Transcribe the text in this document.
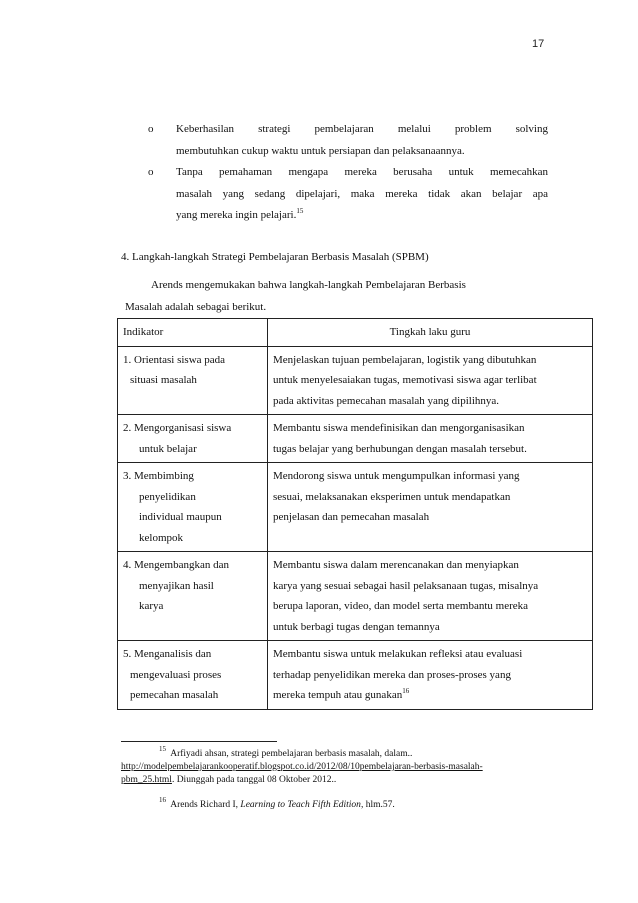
17
o	Keberhasilan strategi pembelajaran melalui problem solving
membutuhkan cukup waktu untuk persiapan dan pelaksanaannya.
o	Tanpa pemahaman mengapa mereka berusaha untuk memecahkan
masalah yang sedang dipelajari, maka mereka tidak akan belajar apa
yang mereka ingin pelajari.$^{15}$
4. Langkah-langkah Strategi Pembelajaran Berbasis Masalah (SPBM)
Arends mengemukakan bahwa langkah-langkah Pembelajaran Berbasis
Masalah adalah sebagai berikut.
Indikator	Tingkah laku guru

1. Orientasi siswa pada
situasi masalah	Menjelaskan tujuan pembelajaran, logistik yang dibutuhkan
untuk menyelesaiakan tugas, memotivasi siswa agar terlibat
pada aktivitas pemecahan masalah yang dipilihnya.

2. Mengorganisasi siswa
untuk belajar	Membantu siswa mendefinisikan dan mengorganisasikan
tugas belajar yang berhubungan dengan masalah tersebut.

3. Membimbing
penyelidikan
individual maupun
kelompok	Mendorong siswa untuk mengumpulkan informasi yang
sesuai, melaksanakan eksperimen untuk mendapatkan
penjelasan dan pemecahan masalah

4. Mengembangkan dan
menyajikan hasil
karya	Membantu siswa dalam merencanakan dan menyiapkan
karya yang sesuai sebagai hasil pelaksanaan tugas, misalnya
berupa laporan, video, dan model serta membantu mereka
untuk berbagi tugas dengan temannya

5. Menganalisis dan
mengevaluasi proses
pemecahan masalah	Membantu siswa untuk melakukan refleksi atau evaluasi
terhadap penyelidikan mereka dan proses-proses yang
mereka tempuh atau gunakan$^{16}$
$^{15}$ Arfiyadi ahsan, strategi pembelajaran berbasis masalah, dalam..
http://modelpembelajarankooperatif.blogspot.co.id/2012/08/10pembelajaran-berbasis-masalah-
pbm_25.html. Diunggah pada tanggal 08 Oktober 2012..
$^{16}$ Arends Richard I, Learning to Teach Fifth Edition, hlm.57.
